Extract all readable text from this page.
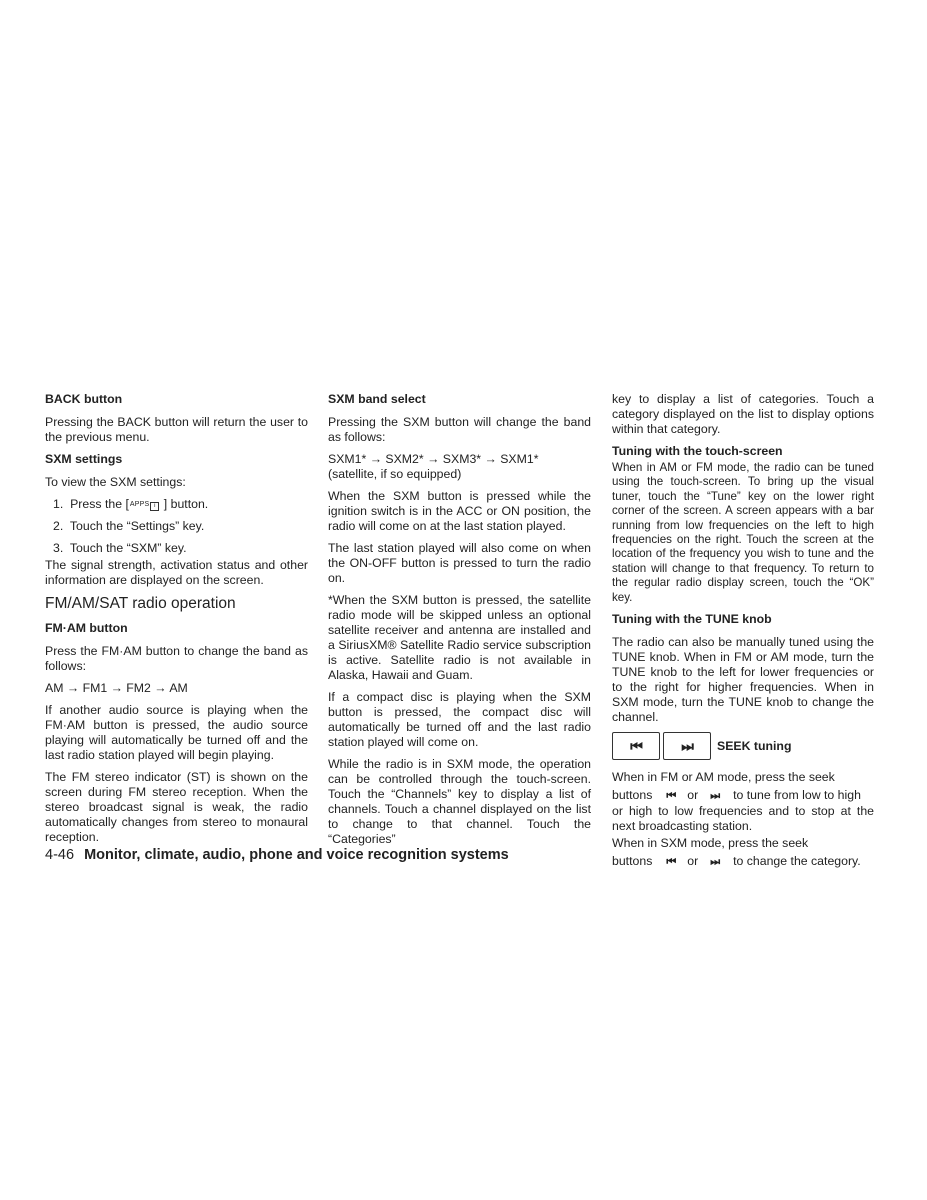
BACK button

Pressing the BACK button will return the user to the previous menu.

SXM settings

To view the SXM settings:

1.  Press the [APPS i ] button.
2.  Touch the “Settings” key.
3.  Touch the “SXM” key.

The signal strength, activation status and other information are displayed on the screen.

FM/AM/SAT radio operation
FM·AM button

Press the FM·AM button to change the band as follows:

AM → FM1 → FM2 → AM

If another audio source is playing when the FM·AM button is pressed, the audio source playing will automatically be turned off and the last radio station played will begin playing.

The FM stereo indicator (ST) is shown on the screen during FM stereo reception. When the stereo broadcast signal is weak, the radio automatically changes from stereo to monaural reception.

SXM band select

Pressing the SXM button will change the band as follows:

SXM1* → SXM2* → SXM3* → SXM1* (satellite, if so equipped)

When the SXM button is pressed while the ignition switch is in the ACC or ON position, the radio will come on at the last station played.

The last station played will also come on when the ON-OFF button is pressed to turn the radio on.

*When the SXM button is pressed, the satellite radio mode will be skipped unless an optional satellite receiver and antenna are installed and a SiriusXM® Satellite Radio service subscription is active. Satellite radio is not available in Alaska, Hawaii and Guam.

If a compact disc is playing when the SXM button is pressed, the compact disc will automatically be turned off and the last radio station played will come on.

While the radio is in SXM mode, the operation can be controlled through the touch-screen. Touch the “Channels” key to display a list of channels. Touch a channel displayed on the list to change to that channel. Touch the “Categories”

key to display a list of categories. Touch a category displayed on the list to display options within that category.

Tuning with the touch-screen

When in AM or FM mode, the radio can be tuned using the touch-screen. To bring up the visual tuner, touch the “Tune” key on the lower right corner of the screen. A screen appears with a bar running from low frequencies on the left to high frequencies on the right. Touch the screen at the location of the frequency you wish to tune and the station will change to that frequency. To return to the regular radio display screen, touch the “OK” key.

Tuning with the TUNE knob

The radio can also be manually tuned using the TUNE knob. When in FM or AM mode, turn the TUNE knob to the left for lower frequencies or to the right for higher frequencies. When in SXM mode, turn the TUNE knob to change the channel.

⏮	⏭	SEEK tuning

When in FM or AM mode, press the seek

buttons ⏮ or ⏭ to tune from low to high

or high to low frequencies and to stop at the next broadcasting station.

When in SXM mode, press the seek

buttons ⏮ or ⏭ to change the category.
4-46 Monitor, climate, audio, phone and voice recognition systems
